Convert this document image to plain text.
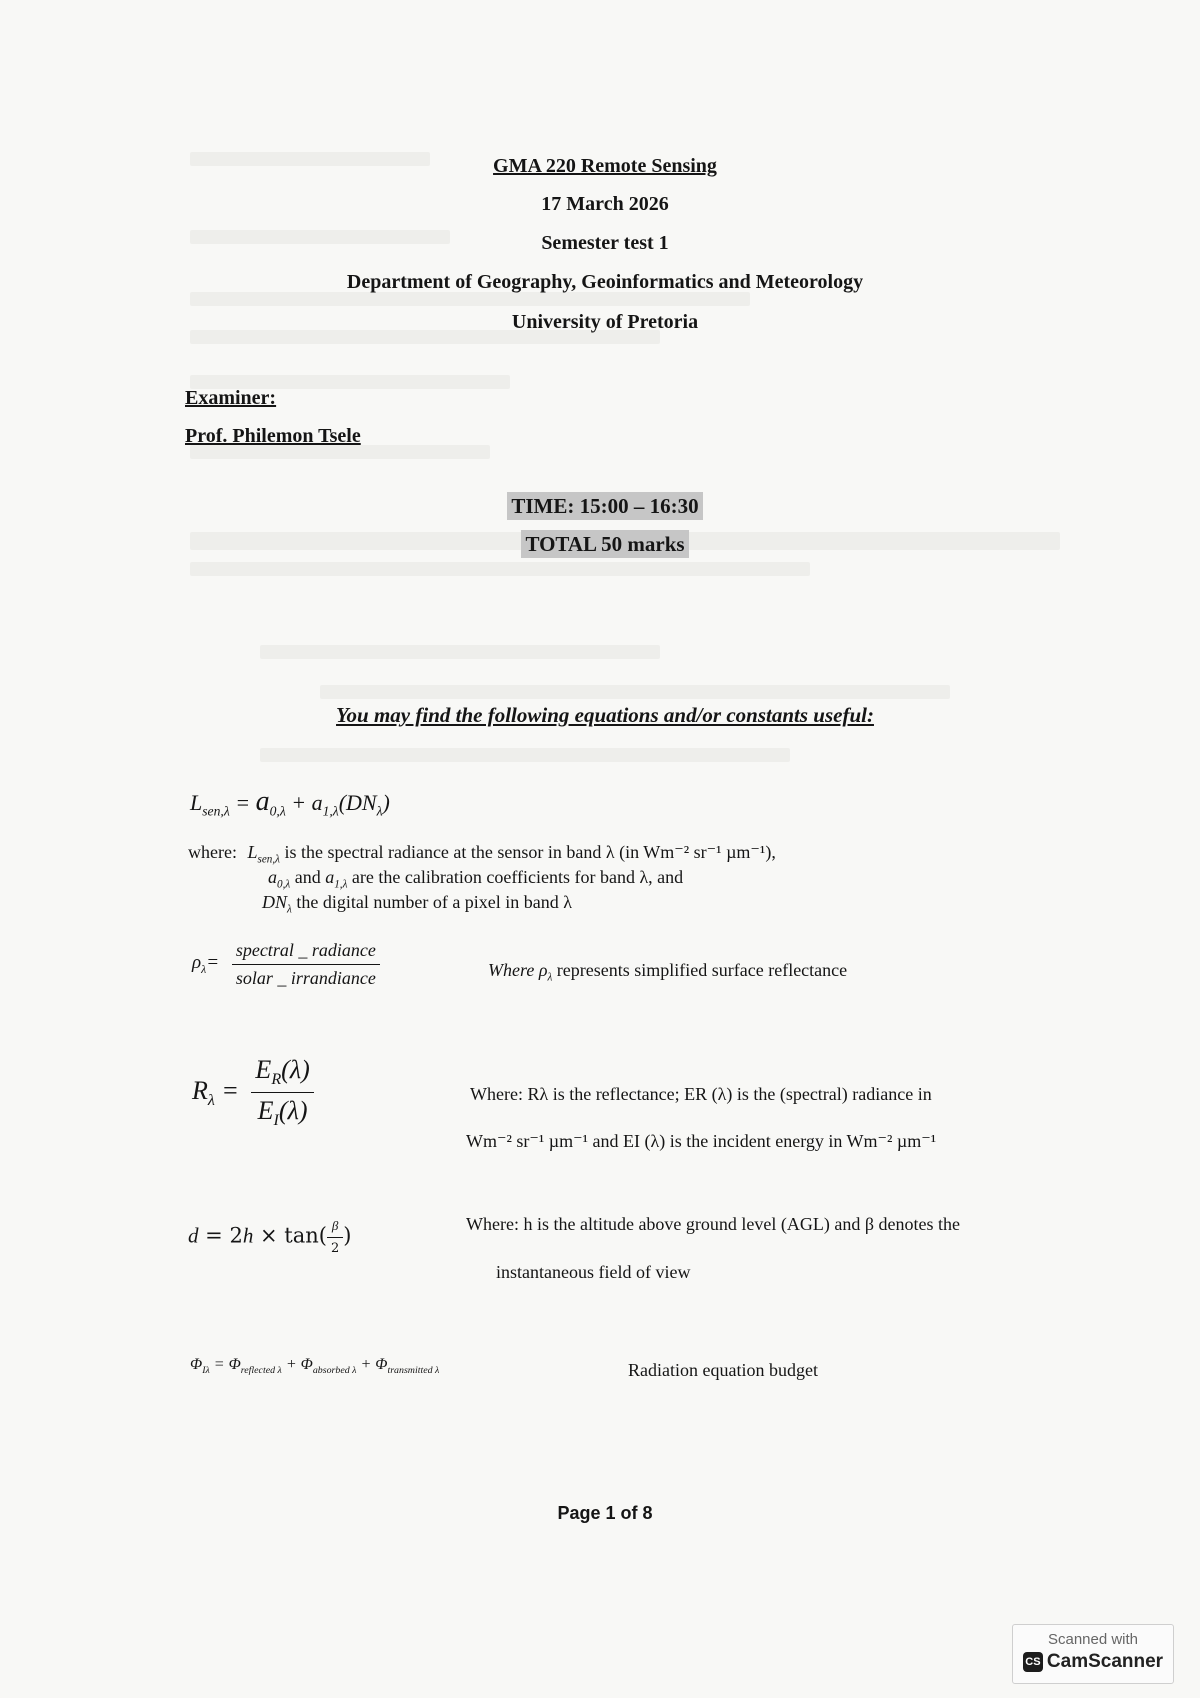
GMA 220 Remote Sensing
17 March 2026
Semester test 1
Department of Geography, Geoinformatics and Meteorology
University of Pretoria
Examiner:
Prof. Philemon Tsele
TIME: 15:00 – 16:30
TOTAL 50 marks
You may find the following equations and/or constants useful:
$L_{sen,\lambda} = a_{0,\lambda} + a_{1,\lambda}(DN_\lambda)$
where: $L_{sen,\lambda}$ is the spectral radiance at the sensor in band λ (in Wm⁻² sr⁻¹ µm⁻¹),
$a_{0,\lambda}$ and $a_{1,\lambda}$ are the calibration coefficients for band λ, and
$DN_\lambda$ the digital number of a pixel in band λ
$\rho_\lambda= \frac{\text{spectral \_ radiance}}{\text{solar \_ irrandiance}}$	Where $\rho_\lambda$ represents simplified surface reflectance
$R_\lambda = \frac{E_R(\lambda)}{E_I(\lambda)}$	Where: Rλ is the reflectance; ER (λ) is the (spectral) radiance in
Wm⁻² sr⁻¹ µm⁻¹ and EI (λ) is the incident energy in Wm⁻² µm⁻¹
$d = 2h \times \tan( \frac{\beta}{2}$ )	Where: h is the altitude above ground level (AGL) and β denotes the
instantaneous field of view
$\Phi_{I\lambda} = \Phi_{reflected \lambda} + \Phi_{absorbed \lambda} + \Phi_{transmitted \lambda}$	Radiation equation budget
Page 1 of 8
Scanned with
CS CamScanner
